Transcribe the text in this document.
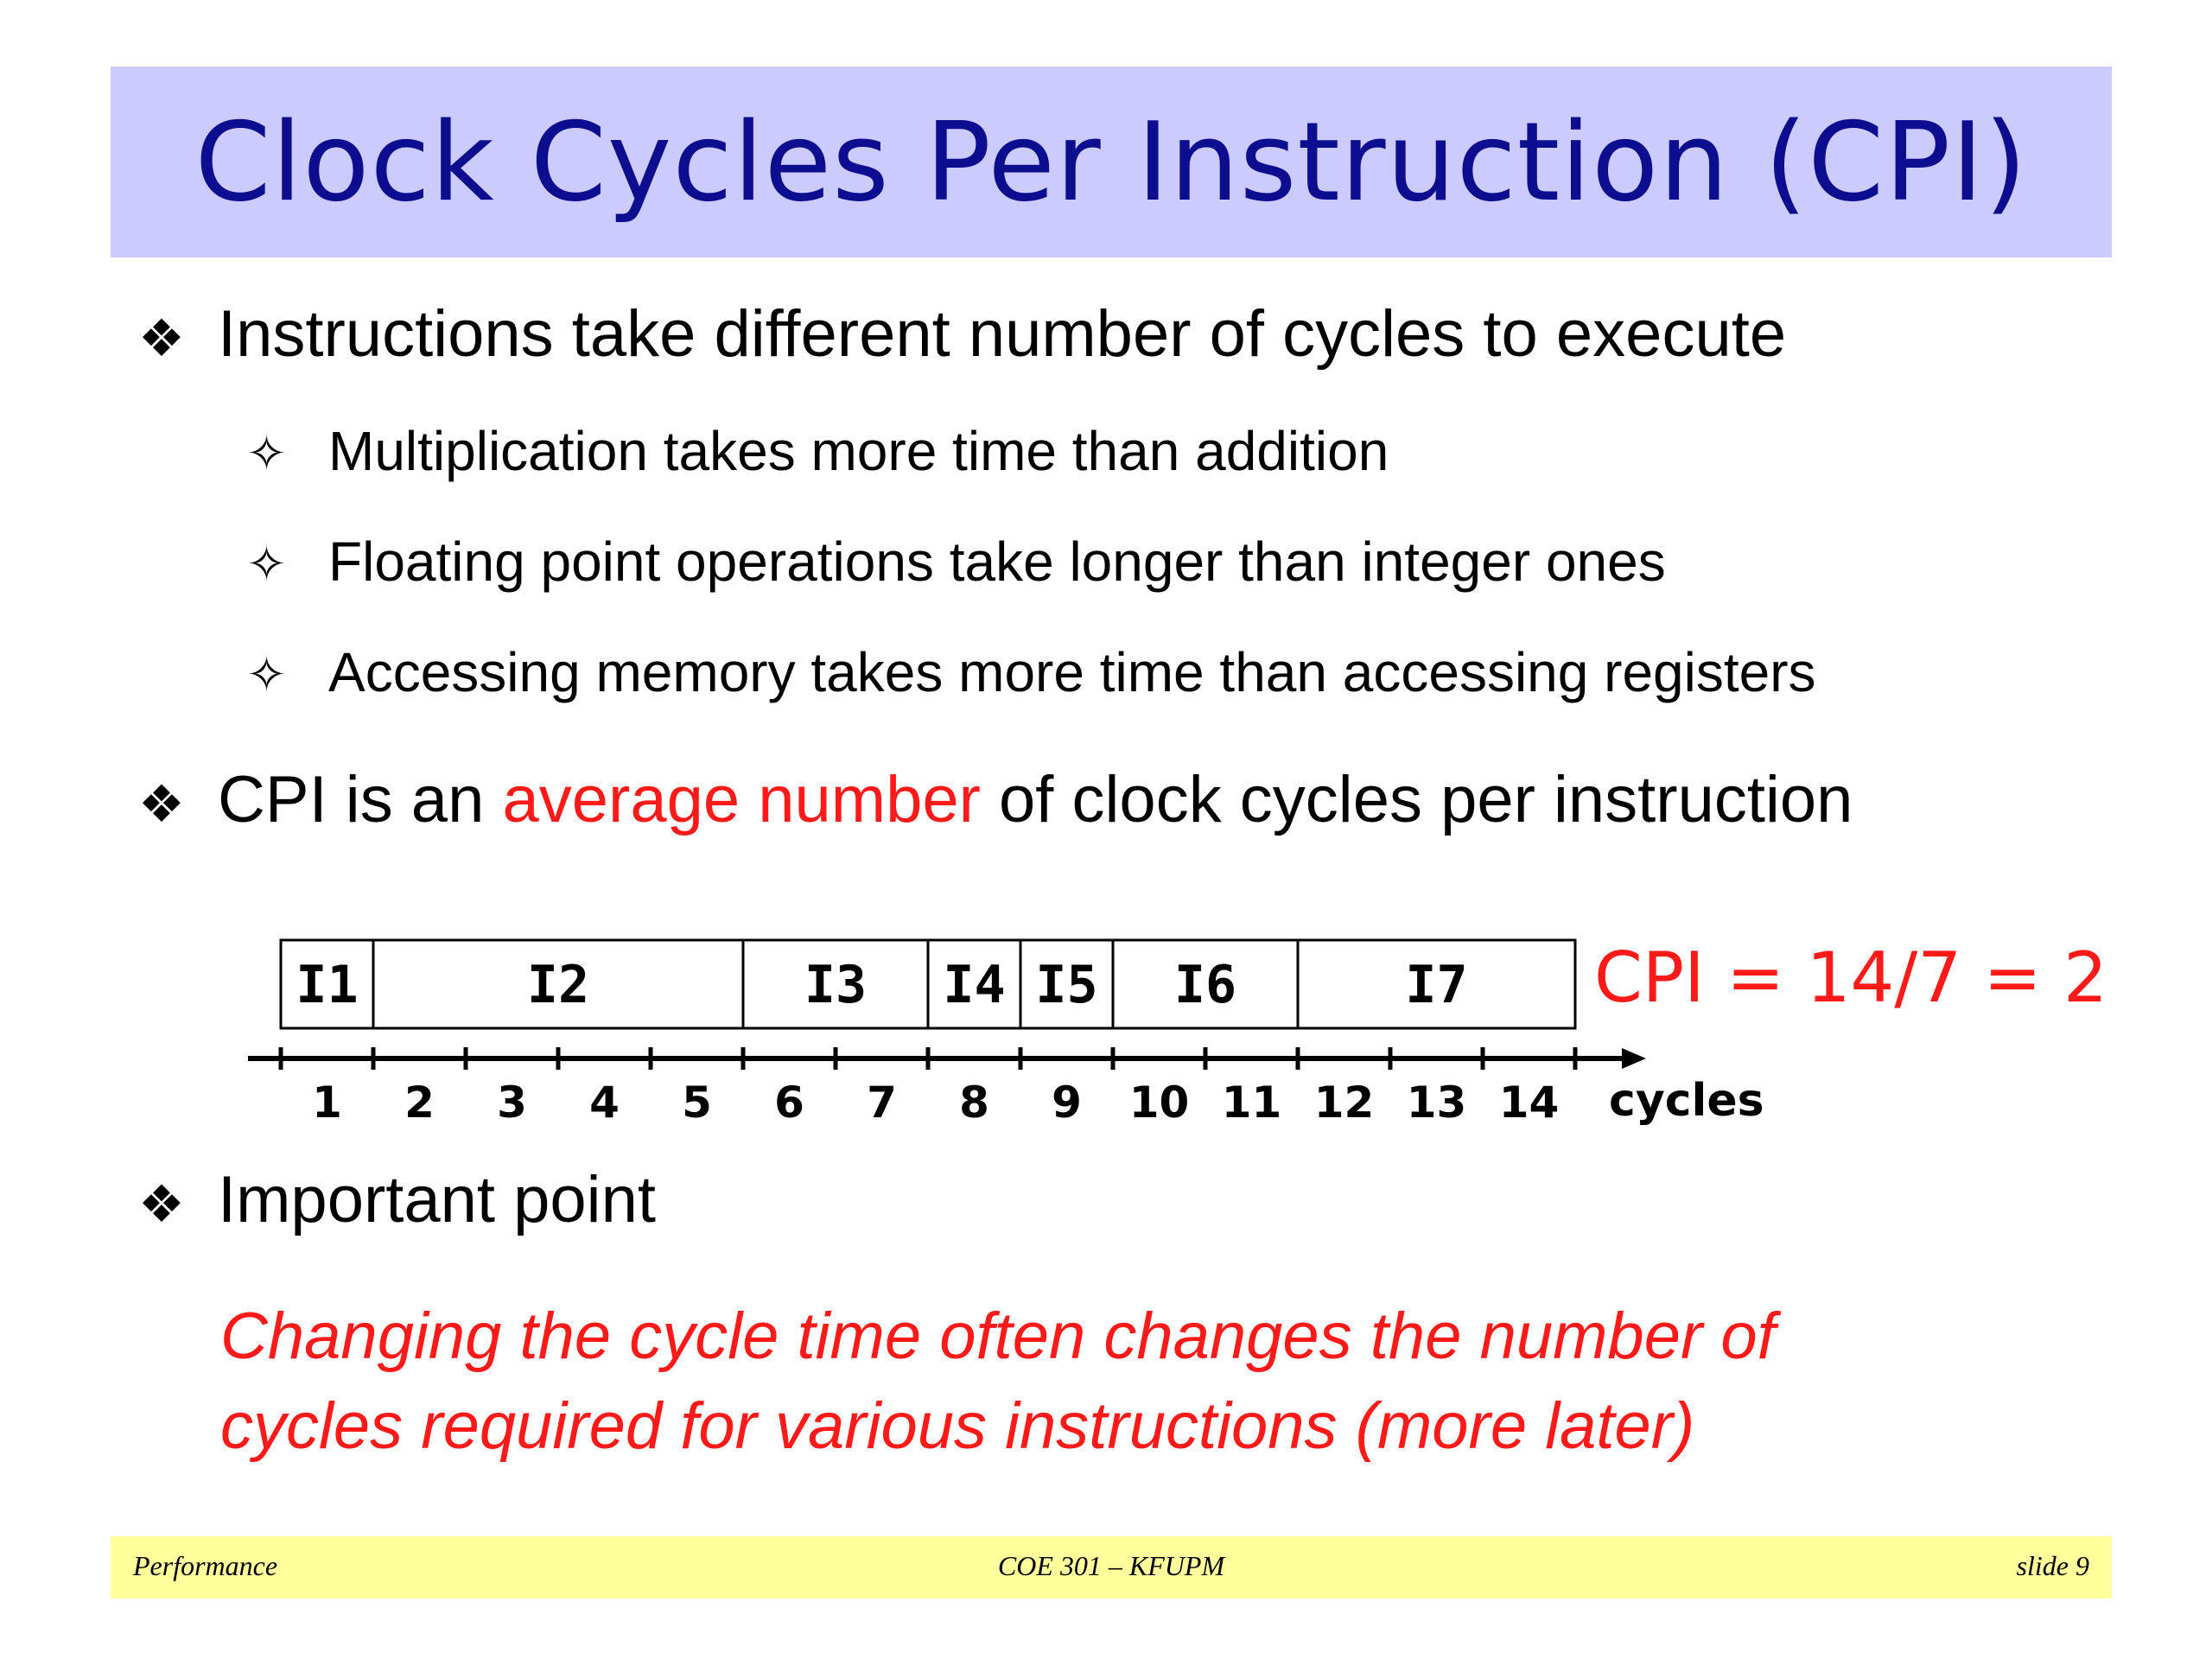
Clock Cycles Per Instruction (CPI)
❖ Instructions take different number of cycles to execute
✧ Multiplication takes more time than addition
✧ Floating point operations take longer than integer ones
✧ Accessing memory takes more time than accessing registers
❖ CPI is an average number of clock cycles per instruction
I1	I2	I3 I4 I5 I6	I7
1 2 3 4 5 6 7 8 9 10 11 12 13 14 cycles
CPI = 14/7 = 2
❖ Important point
Changing the cycle time often changes the number of
cycles required for various instructions (more later)
Performance	COE 301 – KFUPM	slide 9
